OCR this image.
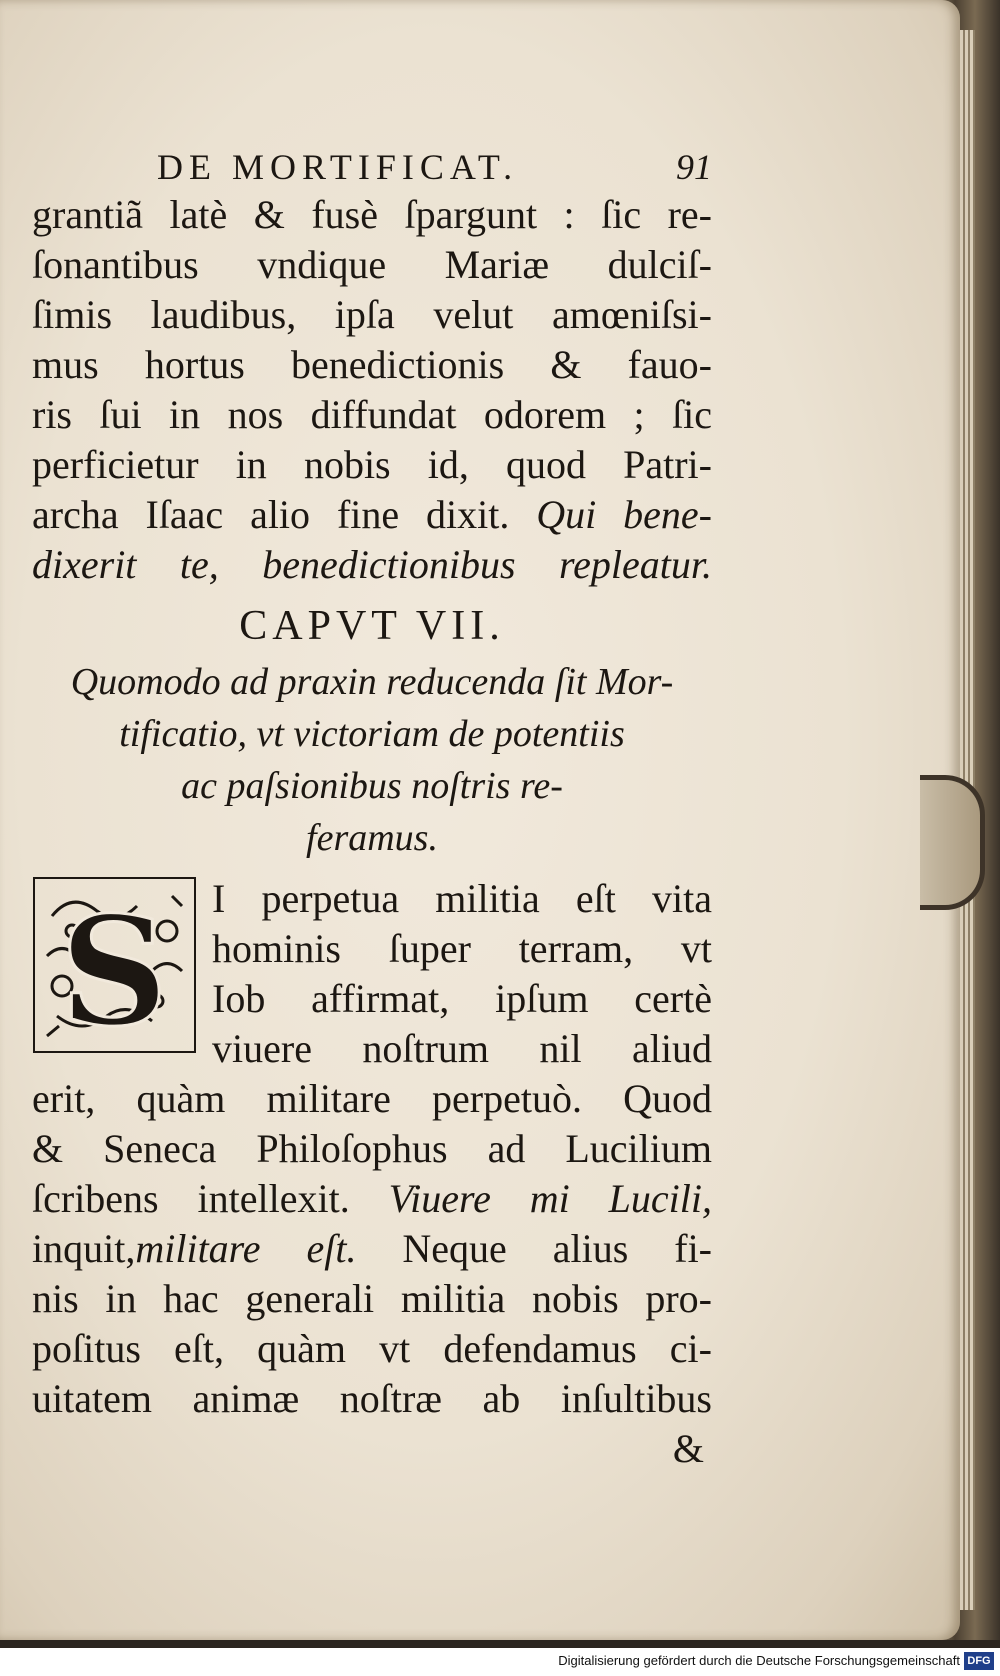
DE MORTIFICAT.	91
grantiã latè & fusè ſpargunt : ſic re-
ſonantibus vndique Mariæ dulciſ-
ſimis laudibus, ipſa velut amœniſsi-
mus hortus benedictionis & fauo-
ris ſui in nos diffundat odorem ; ſic
perficietur in nobis id, quod Patri-
archa Iſaac alio fine dixit. Qui bene-
dixerit te, benedictionibus repleatur.
CAPVT VII.
Quomodo ad praxin reducenda ſit Mor-
tificatio, vt victoriam de potentiis
ac paſsionibus noſtris re-
feramus.
S I perpetua militia eſt vita
hominis ſuper terram, vt
Iob affirmat, ipſum certè
viuere noſtrum nil aliud
erit, quàm militare perpetuò. Quod
& Seneca Philoſophus ad Lucilium
ſcribens intellexit. Viuere mi Lucili,
inquit,militare eſt. Neque alius fi-
nis in hac generali militia nobis pro-
poſitus eſt, quàm vt defendamus ci-
uitatem animæ noſtræ ab inſultibus
&
Digitalisierung gefördert durch die Deutsche Forschungsgemeinschaft DFG
